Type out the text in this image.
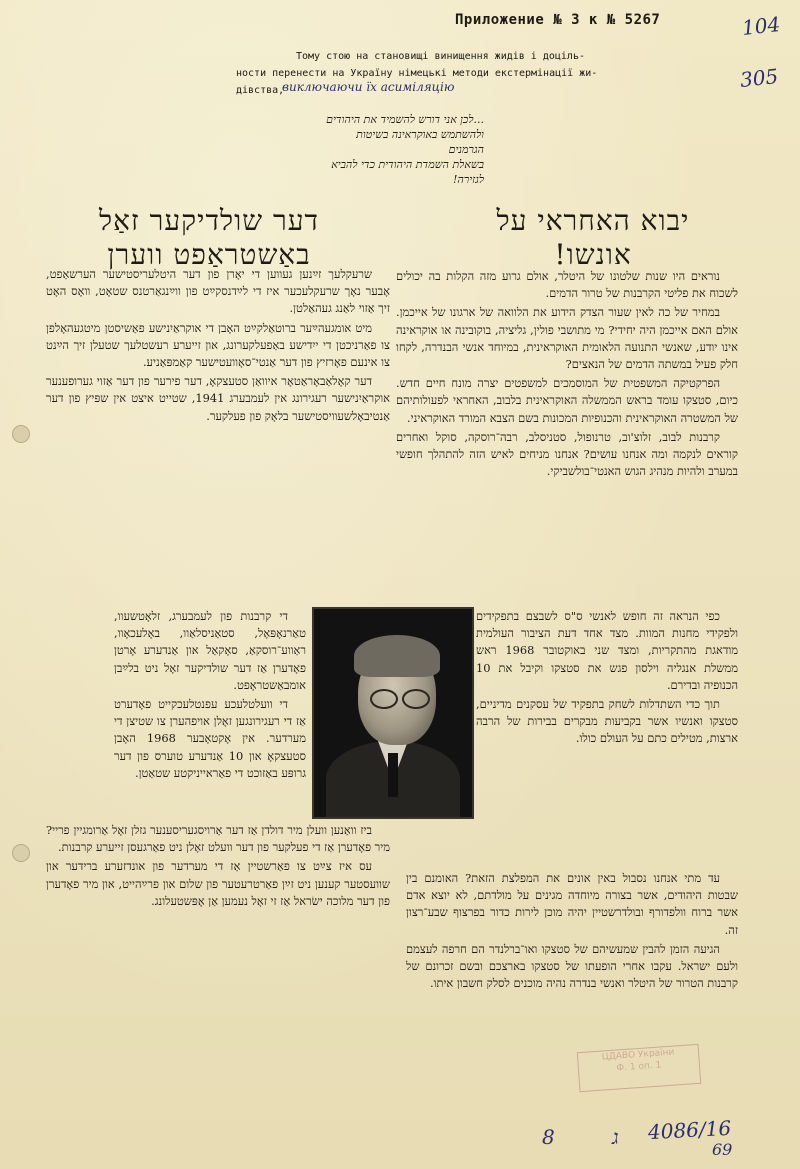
Приложение № 3 к № 5267	104
305
Тому стою на становищі винищення жидів і доціль-
ности перенести на Україну німецькі методи екстермінації жи-
дівства,
виключаючи їх асиміляцію
...לכן אני דורש להשמיד את היהודים
ולהשתמש באוקראינה בשיטות הגרמנים
בשאלת השמדת היהודית כדי להביא
לגזירה!
דער שולדיקער זאַל
באַשטראַפט ווערן
יבוא האחראי על
אונשו!

שרעקלעך זײַנען געווען די יאָרן פון דער היטלעריסטישער הערשאַפט, אָבער נאָך שרעקלעכער איז די לײַדנסקײַט פון ווײַנגאַרטנס שטאָט, וואָס האָט זיך אַזוי לאַנג געהאַלטן.

מיט אומגעהײַער ברוטאַלקײַט האָבן די אוקראַיִנישע פאַשיסטן מיטגעהאָלפן צו פאַרניכטן די ייִדישע באַפעלקערונג, און זייערע רעשטלעך שטעלן זיך הײַנט צו אינעם פאָרזיץ פון דער אַנטי־סאָוועטישער קאַמפּאַניע.

דער קאָלאַבאָראַטאָר איוואַן סטעצקאָ, דער פירער פון דער אַזוי גערופענער אוקראַיִנישער רעגירונג אין לעמבערג 1941, שטייט איצט אין שפּיץ פון דער אַנטיבאָלשעוויסטישער בלאָק פון פעלקער.

די קרבנות פון לעמבערג, זלאָטשעוו, טאַרנאָפּאָל, סטאַניסלאַוו, באָלעכאָוו, ראַווע־רוסקאַ, סאָקאַל און אַנדערע אָרטן פאָדערן אַז דער שולדיקער זאָל ניט בלײַבן אומבאַשטראָפט.

די וועלטלעכע עפנטלעכקייט פאָדערט אַז די רעגירונגען זאָלן אויפהערן צו שטיצן די מערדער. אין אָקטאָבער 1968 האָבן סטעצקאָ און 10 אַנדערע טוערס פון דער גרופּע באַזוכט די פאַראייניקטע שטאַטן.

ביז וואַנען וועלן מיר דולדן אַז דער אַרויסגעריסענער גזלן זאָל אַרומגיין פריי? מיר פאָדערן אַז די פעלקער פון דער וועלט זאָלן ניט פאַרגעסן זייערע קרבנות.

עס איז צײַט צו פאַרשטיין אַז די מערדער פון אונדזערע ברידער און שוועסטער קענען ניט זײַן פאַרטרעטער פון שלום און פרײַהייט, און מיר פאָדערן פון דער מלוכה ישׂראל אַז זי זאָל נעמען אַן אָפּשטעלונג.

נוראים היו שנות שלטונו של היטלר, אולם גרוע מזה הקלות בה יכולים לשכוח את פליטי הקרבנות של טרור הדמים.

במחיר של כה לאין שעור הצדק הידוע את הלוואה של ארגונו של אייכמן. אולם האם אייכמן היה יחידי? מי מתושבי פולין, גליציה, בוקובינה או אוקראינה אינו יודע, שאנשי התנועה הלאומית האוקראינית, במיוחד אנשי הבנדרה, לקחו חלק פעיל במשתה הדמים של הנאצים?

הפרקטיקה המשפטית של המוסמכים למשפטים יצרה מונח חיים חדש. כיום, סטצקו עומד בראש הממשלה האוקראינית בלבוב, האחראי לפעולותיהם של המשטרה האוקראינית והכנופיות המכונות בשם הצבא המורד האוקראיני.

קרבנות לבוב, זלוצ'וב, טרנופול, סטניסלב, רבה־רוסקה, סוקל ואחרים קוראים לנקמה ומה אנחנו עושים? אנחנו מניחים לאיש הזה להתהלך חופשי במערב ולהיות מנהיג הגוש האנטי־בולשביקי.

כפי הנראה זה חופש לאנשי ס"ס לשבצם בתפקידים ולפקידי מחנות המוות. מצד אחד דעת הציבור העולמית מודאגת מהתקריות, ומצד שני באוקטובר 1968 ראש ממשלת אנגליה וילסון פגש את סטצקו וקיבל את 10 הכנופיה ובדירם.

תוך כדי השתדלות לשחק בתפקיד של עסקנים מדיניים, סטצקו ואנשיו אשר בקביעות מבקרים בבירות של הרבה ארצות, מטילים כתם על העולם כולו.

עד מתי אנחנו נסבול באין אונים את המפלצת הזאת? האומנם בין שבטות היהודים, אשר בצורה מיוחדה מגינים על מולדתם, לא יוצא אדם אשר ברוח וולפדורף ובולדרשטיין יהיה מוכן לירות כדור בפרצוף שבע־רצון זה.

הגיעה הזמן להבין שמעשיהם של סטצקו ואו־ברלנדר הם חרפה לעצמם ולעם ישראל. עקבו אחרי הופעתו של סטצקו בארצכם ובשם זכרונם של קרבנות הטרור של היטלר ואנשי בנדרה נהיה מוכנים לסלק חשבון איתו.

ЦДАВО України
Ф. 1 оп. 1
4086/16
8	ג
69
